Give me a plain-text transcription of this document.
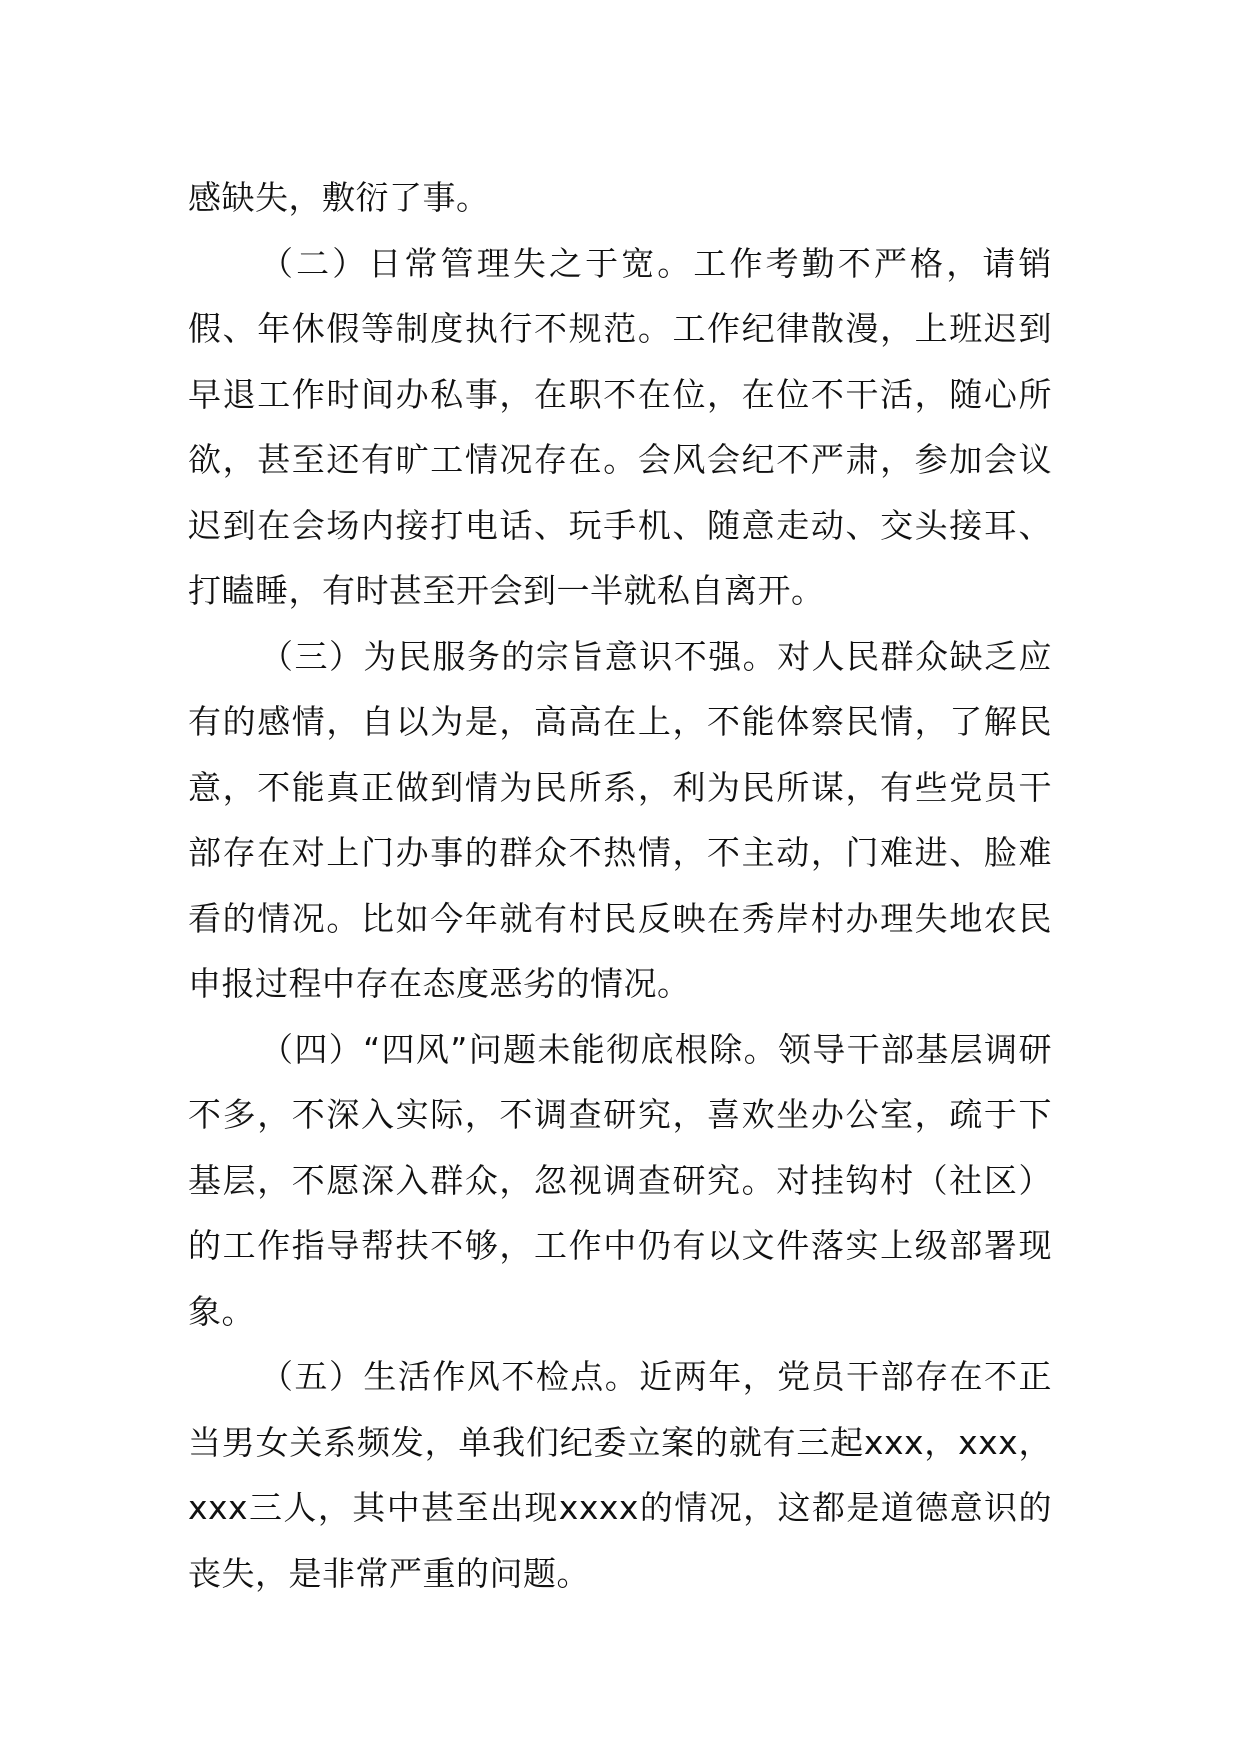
感缺失，敷衍了事。

（二）日常管理失之于宽。工作考勤不严格，请销假、年休假等制度执行不规范。工作纪律散漫，上班迟到早退工作时间办私事，在职不在位，在位不干活，随心所欲，甚至还有旷工情况存在。会风会纪不严肃，参加会议迟到在会场内接打电话、玩手机、随意走动、交头接耳、打瞌睡，有时甚至开会到一半就私自离开。

（三）为民服务的宗旨意识不强。对人民群众缺乏应有的感情，自以为是，高高在上，不能体察民情，了解民意，不能真正做到情为民所系，利为民所谋，有些党员干部存在对上门办事的群众不热情，不主动，门难进、脸难看的情况。比如今年就有村民反映在秀岸村办理失地农民申报过程中存在态度恶劣的情况。

（四）“四风”问题未能彻底根除。领导干部基层调研不多，不深入实际，不调查研究，喜欢坐办公室，疏于下基层，不愿深入群众，忽视调查研究。对挂钩村（社区）的工作指导帮扶不够，工作中仍有以文件落实上级部署现象。

（五）生活作风不检点。近两年，党员干部存在不正当男女关系频发，单我们纪委立案的就有三起xxx，xxx，xxx三人，其中甚至出现xxxx的情况，这都是道德意识的丧失，是非常严重的问题。
